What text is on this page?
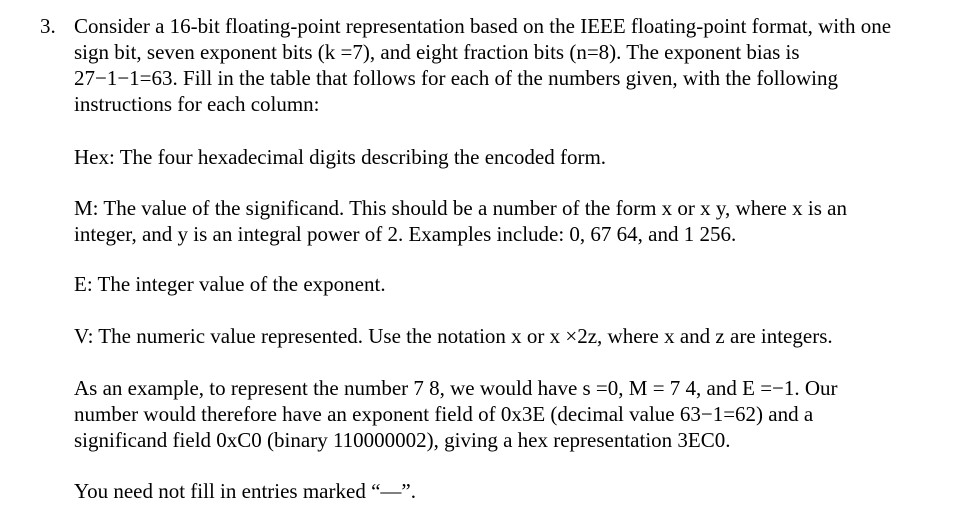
3. Consider a 16-bit floating-point representation based on the IEEE floating-point format, with one
sign bit, seven exponent bits (k =7), and eight fraction bits (n=8). The exponent bias is
27−1−1=63. Fill in the table that follows for each of the numbers given, with the following
instructions for each column:
Hex: The four hexadecimal digits describing the encoded form.
M: The value of the significand. This should be a number of the form x or x y, where x is an
integer, and y is an integral power of 2. Examples include: 0, 67 64, and 1 256.
E: The integer value of the exponent.
V: The numeric value represented. Use the notation x or x ×2z, where x and z are integers.
As an example, to represent the number 7 8, we would have s =0, M = 7 4, and E =−1. Our
number would therefore have an exponent field of 0x3E (decimal value 63−1=62) and a
significand field 0xC0 (binary 110000002), giving a hex representation 3EC0.
You need not fill in entries marked “—”.
